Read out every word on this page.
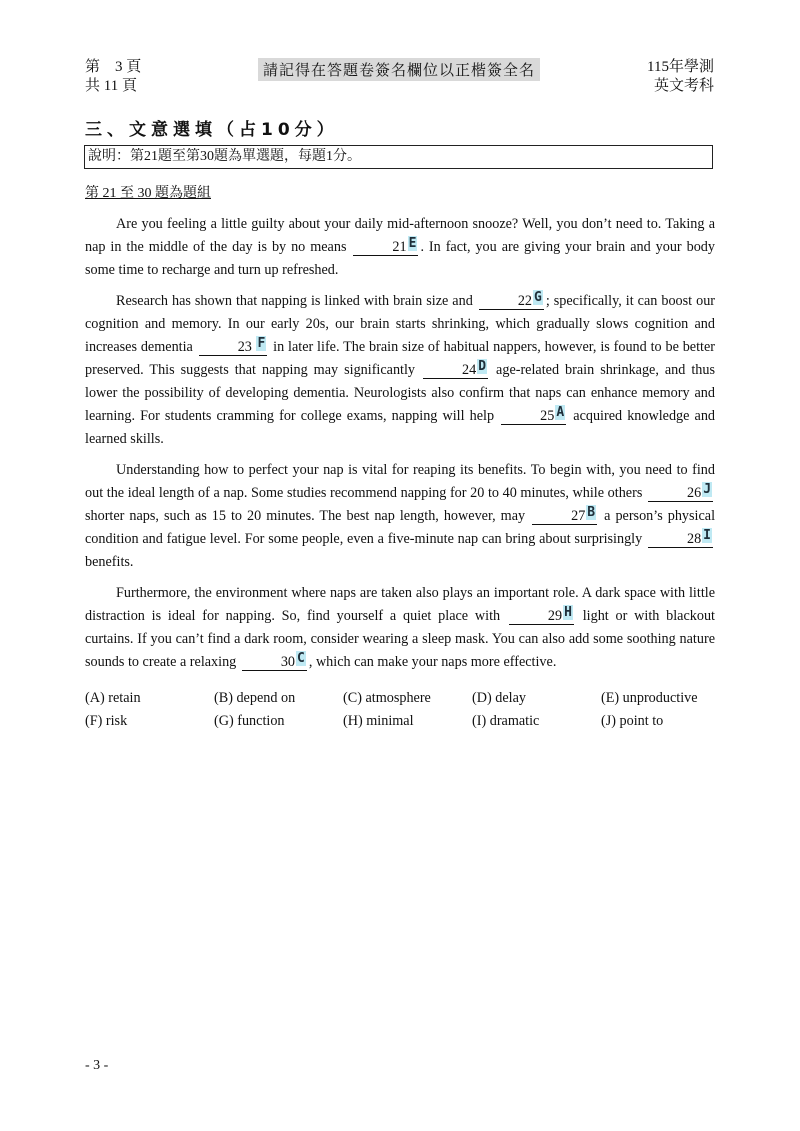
第　3 頁
共 11 頁
請記得在答題卷簽名欄位以正楷簽全名	115年學測
英文考科
三、文意選填（占10分）
說明：第21題至第30題為單選題，每題1分。
第 21 至 30 題為題組

Are you feeling a little guilty about your daily mid-afternoon snooze? Well, you don’t need to. Taking a nap in the middle of the day is by no means	21 E . In fact, you are giving your brain and your body some time to recharge and turn up refreshed.

Research has shown that napping is linked with brain size and	22 G ; specifically, it can boost our cognition and memory. In our early 20s, our brain starts shrinking, which gradually slows cognition and increases dementia	23 F in later life. The brain size of habitual nappers, however, is found to be better preserved. This suggests that napping may significantly	24 D age-related brain shrinkage, and thus lower the possibility of developing dementia. Neurologists also confirm that naps can enhance memory and learning. For students cramming for college exams, napping will help	25 A acquired knowledge and learned skills.

Understanding how to perfect your nap is vital for reaping its benefits. To begin with, you need to find out the ideal length of a nap. Some studies recommend napping for 20 to 40 minutes, while others	26 J shorter naps, such as 15 to 20 minutes. The best nap length, however, may	27 B a person’s physical condition and fatigue level. For some people, even a five-minute nap can bring about surprisingly	28 I benefits.

Furthermore, the environment where naps are taken also plays an important role. A dark space with little distraction is ideal for napping. So, find yourself a quiet place with	29 H light or with blackout curtains. If you can’t find a dark room, consider wearing a sleep mask. You can also add some soothing nature sounds to create a relaxing	30 C , which can make your naps more effective.

(A) retain	(B) depend on	(C) atmosphere	(D) delay	(E) unproductive
(F) risk	(G) function	(H) minimal	(I) dramatic	(J) point to
- 3 -
